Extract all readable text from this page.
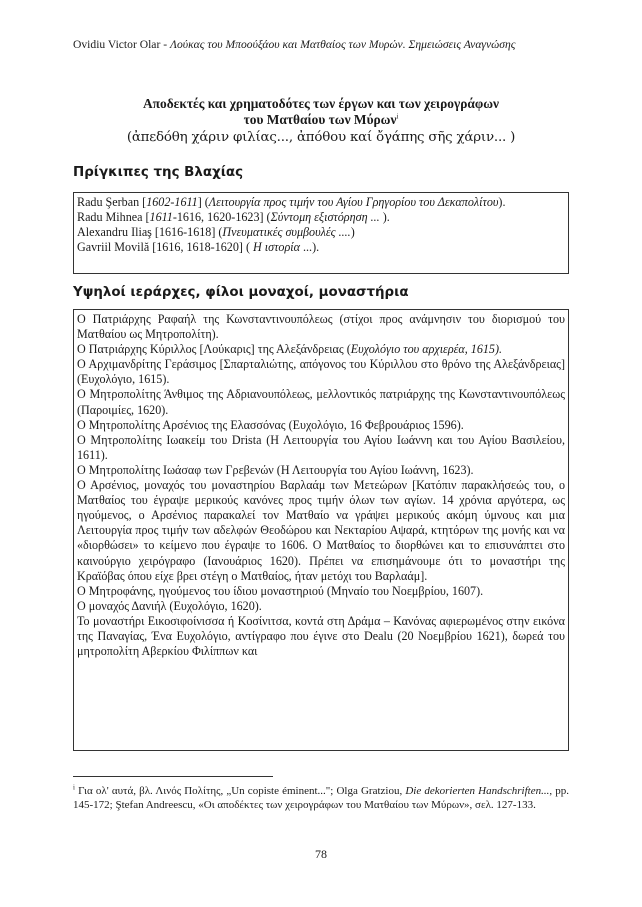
Ovidiu Victor Olar - Λούκας του Μποούξάου και Ματθαίος των Μυρών. Σημειώσεις Αναγνώσης
Αποδεκτές και χρηματοδότες των έργων και των χειρογράφων
του Ματθαίου των Μύρων$^i$
(ἀπεδόθη χάριν φιλίας..., ἀπόθου καί ὄγάπης σῆς χάριν... )
Πρίγκιπες της Βλαχίας

Radu Şerban [1602-1611] (Λειτουργία προς τιμήν του Αγίου Γρηγορίου του Δεκαπολίτου).

Radu Mihnea [1611-1616, 1620-1623] (Σύντομη εξιστόρηση ... ).

Alexandru Iliaş [1616-1618] (Πνευματικές συμβουλές ....)

Gavriil Movilă [1616, 1618-1620] ( Η ιστορία ...).

Υψηλοί ιεράρχες, φίλοι μοναχοί, μοναστήρια

Ο Πατριάρχης Ραφαήλ της Κωνσταντινουπόλεως (στίχοι προς ανάμνησιν του διορισμού του Ματθαίου ως Μητροπολίτη).

Ο Πατριάρχης Κύριλλος [Λούκαρις] της Αλεξάνδρειας (Ευχολόγιο του αρχιερέα, 1615).

Ο Αρχιμανδρίτης Γεράσιμος [Σπαρταλιώτης, απόγονος του Κύριλλου στο θρόνο της Αλεξάνδρειας] (Ευχολόγιο, 1615).

Ο Μητροπολίτης Άνθιμος της Αδριανουπόλεως, μελλοντικός πατριάρχης της Κωνσταντινουπόλεως (Παροιμίες, 1620).

Ο Μητροπολίτης Αρσένιος της Ελασσόνας (Ευχολόγιο, 16 Φεβρουάριος 1596).

Ο Μητροπολίτης Ιωακείμ του Drista (Η Λειτουργία του Αγίου Ιωάννη και του Αγίου Βασιλείου, 1611).

Ο Μητροπολίτης Ιωάσαφ των Γρεβενών (Η Λειτουργία του Αγίου Ιωάννη, 1623).

Ο Αρσένιος, μοναχός του μοναστηρίου Βαρλαάμ των Μετεώρων [Κατόπιν παρακλήσεώς του, ο Ματθαίος του έγραψε μερικούς κανόνες προς τιμήν όλων των αγίων. 14 χρόνια αργότερα, ως ηγούμενος, ο Αρσένιος παρακαλεί τον Ματθαίο να γράψει μερικούς ακόμη ύμνους και μια Λειτουργία προς τιμήν των αδελφών Θεοδώρου και Νεκταρίου Αψαρά, κτητόρων της μονής και να «διορθώσει» το κείμενο που έγραψε το 1606. Ο Ματθαίος το διορθώνει και το επισυνάπτει στο καινούργιο χειρόγραφο (Ιανουάριος 1620). Πρέπει να επισημάνουμε ότι το μοναστήρι της Κραϊόβας όπου είχε βρει στέγη ο Ματθαίος, ήταν μετόχι του Βαρλαάμ].

Ο Μητροφάνης, ηγούμενος του ίδιου μοναστηριού (Μηναίο του Νοεμβρίου, 1607).

Ο μοναχός Δανιήλ (Ευχολόγιο, 1620).

Το μοναστήρι Εικοσιφοίνισσα ή Κοσίνιτσα, κοντά στη Δράμα – Κανόνας αφιερωμένος στην εικόνα της Παναγίας, Ένα Ευχολόγιο, αντίγραφο που έγινε στο Dealu (20 Νοεμβρίου 1621), δωρεά του μητροπολίτη Αβερκίου Φιλίππων και

$^i$ Για ολ' αυτά, βλ. Λινός Πολίτης, „Un copiste éminent..."; Olga Gratziou, Die dekorierten Handschriften..., pp. 145-172; Ştefan Andreescu, «Οι αποδέκτες των χειρογράφων του Ματθαίου των Μύρων», σελ. 127-133.
78
